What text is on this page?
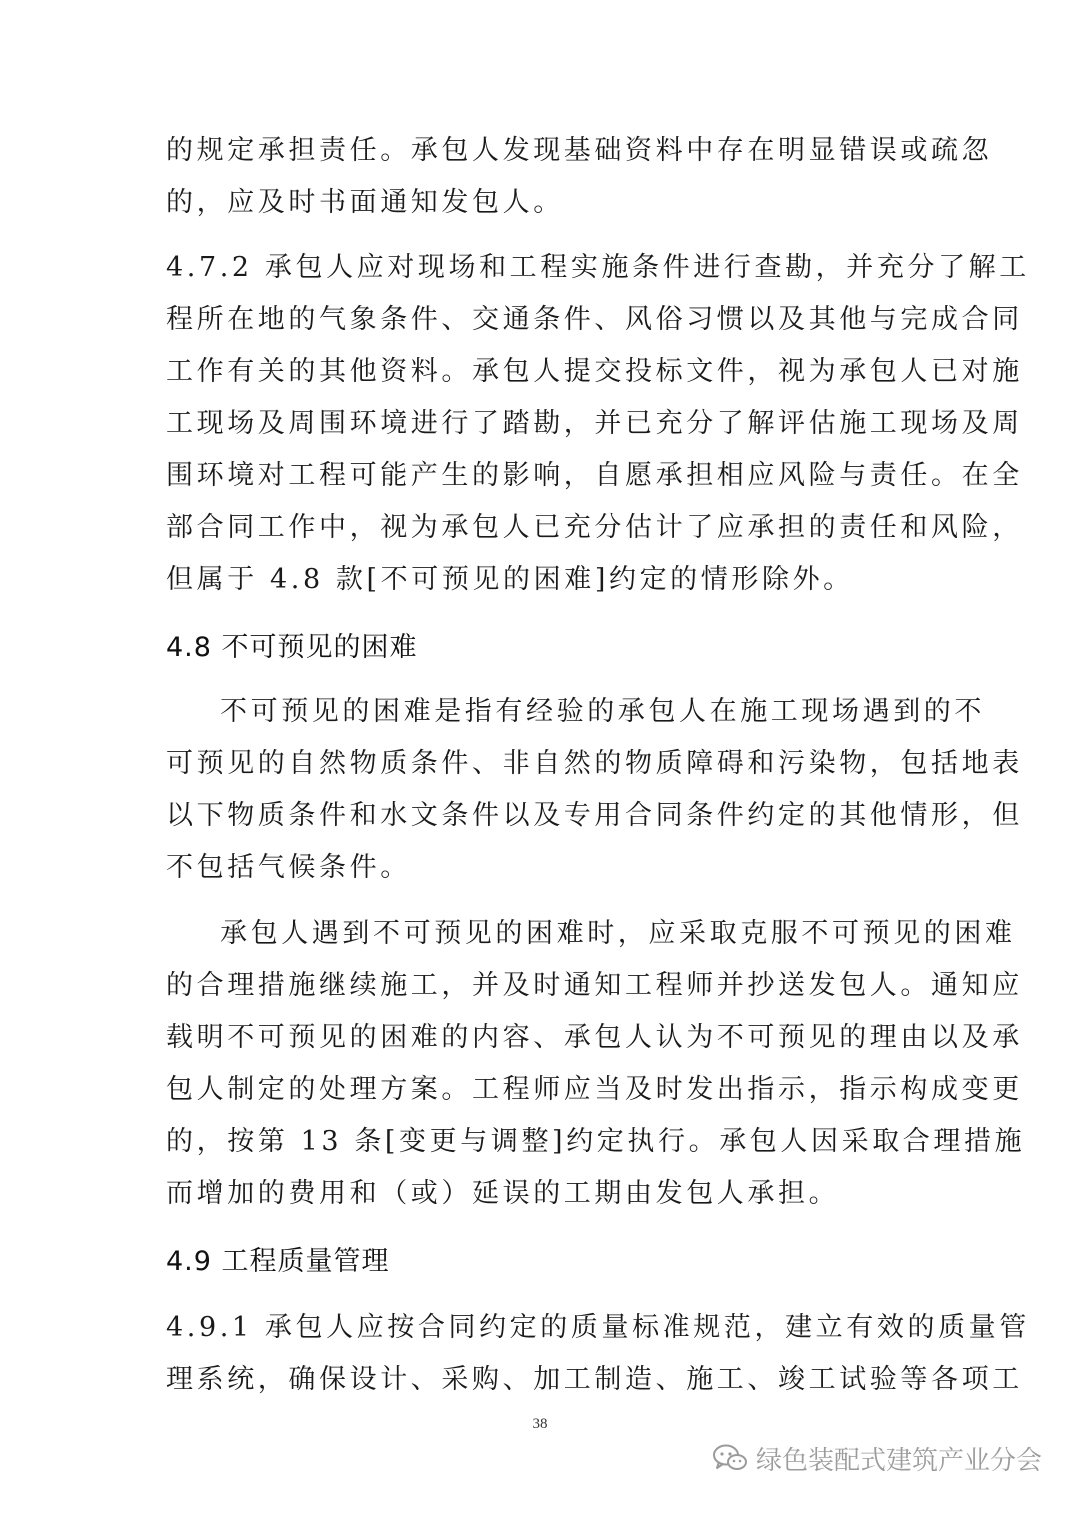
的规定承担责任。承包人发现基础资料中存在明显错误或疏忽
的，应及时书面通知发包人。
4.7.2 承包人应对现场和工程实施条件进行查勘，并充分了解工
程所在地的气象条件、交通条件、风俗习惯以及其他与完成合同
工作有关的其他资料。承包人提交投标文件，视为承包人已对施
工现场及周围环境进行了踏勘，并已充分了解评估施工现场及周
围环境对工程可能产生的影响，自愿承担相应风险与责任。在全
部合同工作中，视为承包人已充分估计了应承担的责任和风险，
但属于 4.8 款[不可预见的困难]约定的情形除外。
4.8 不可预见的困难
不可预见的困难是指有经验的承包人在施工现场遇到的不
可预见的自然物质条件、非自然的物质障碍和污染物，包括地表
以下物质条件和水文条件以及专用合同条件约定的其他情形，但
不包括气候条件。
承包人遇到不可预见的困难时，应采取克服不可预见的困难
的合理措施继续施工，并及时通知工程师并抄送发包人。通知应
载明不可预见的困难的内容、承包人认为不可预见的理由以及承
包人制定的处理方案。工程师应当及时发出指示，指示构成变更
的，按第 13 条[变更与调整]约定执行。承包人因采取合理措施
而增加的费用和（或）延误的工期由发包人承担。
4.9 工程质量管理
4.9.1 承包人应按合同约定的质量标准规范，建立有效的质量管
理系统，确保设计、采购、加工制造、施工、竣工试验等各项工
38
绿色装配式建筑产业分会
